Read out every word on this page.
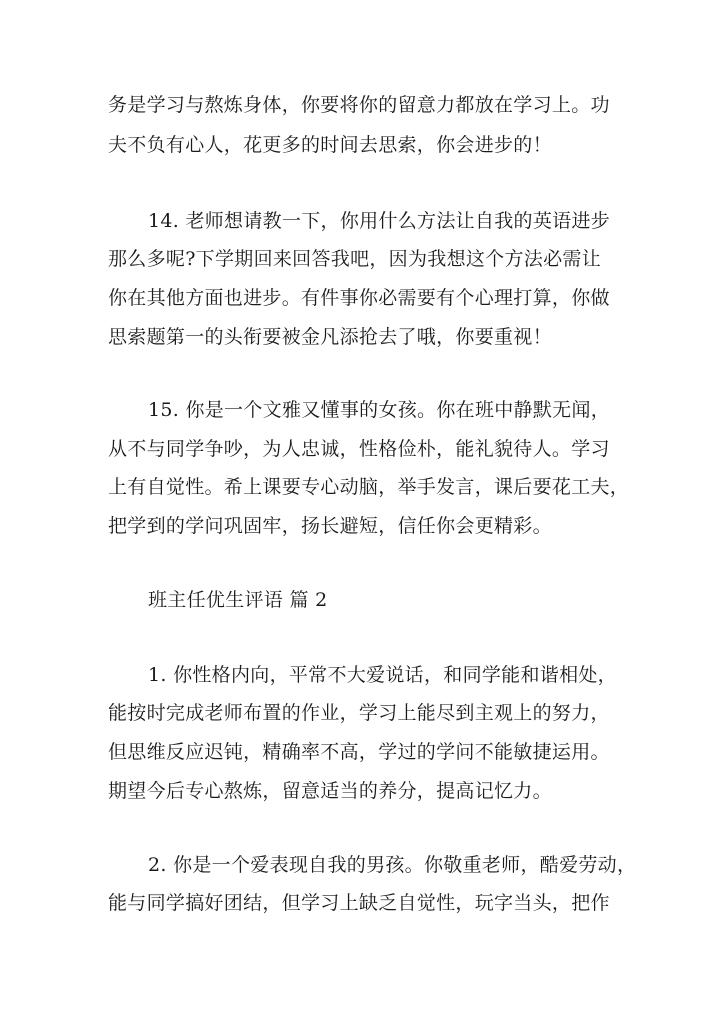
务是学习与熬炼身体，你要将你的留意力都放在学习上。功
夫不负有心人，花更多的时间去思索，你会进步的！
14. 老师想请教一下，你用什么方法让自我的英语进步
那么多呢?下学期回来回答我吧，因为我想这个方法必需让
你在其他方面也进步。有件事你必需要有个心理打算，你做
思索题第一的头衔要被金凡添抢去了哦，你要重视！
15. 你是一个文雅又懂事的女孩。你在班中静默无闻，
从不与同学争吵，为人忠诚，性格俭朴，能礼貌待人。学习
上有自觉性。希上课要专心动脑，举手发言，课后要花工夫，
把学到的学问巩固牢，扬长避短，信任你会更精彩。
班主任优生评语 篇 2
1. 你性格内向，平常不大爱说话，和同学能和谐相处，
能按时完成老师布置的作业，学习上能尽到主观上的努力，
但思维反应迟钝，精确率不高，学过的学问不能敏捷运用。
期望今后专心熬炼，留意适当的养分，提高记忆力。
2. 你是一个爱表现自我的男孩。你敬重老师，酷爱劳动，
能与同学搞好团结，但学习上缺乏自觉性，玩字当头，把作
